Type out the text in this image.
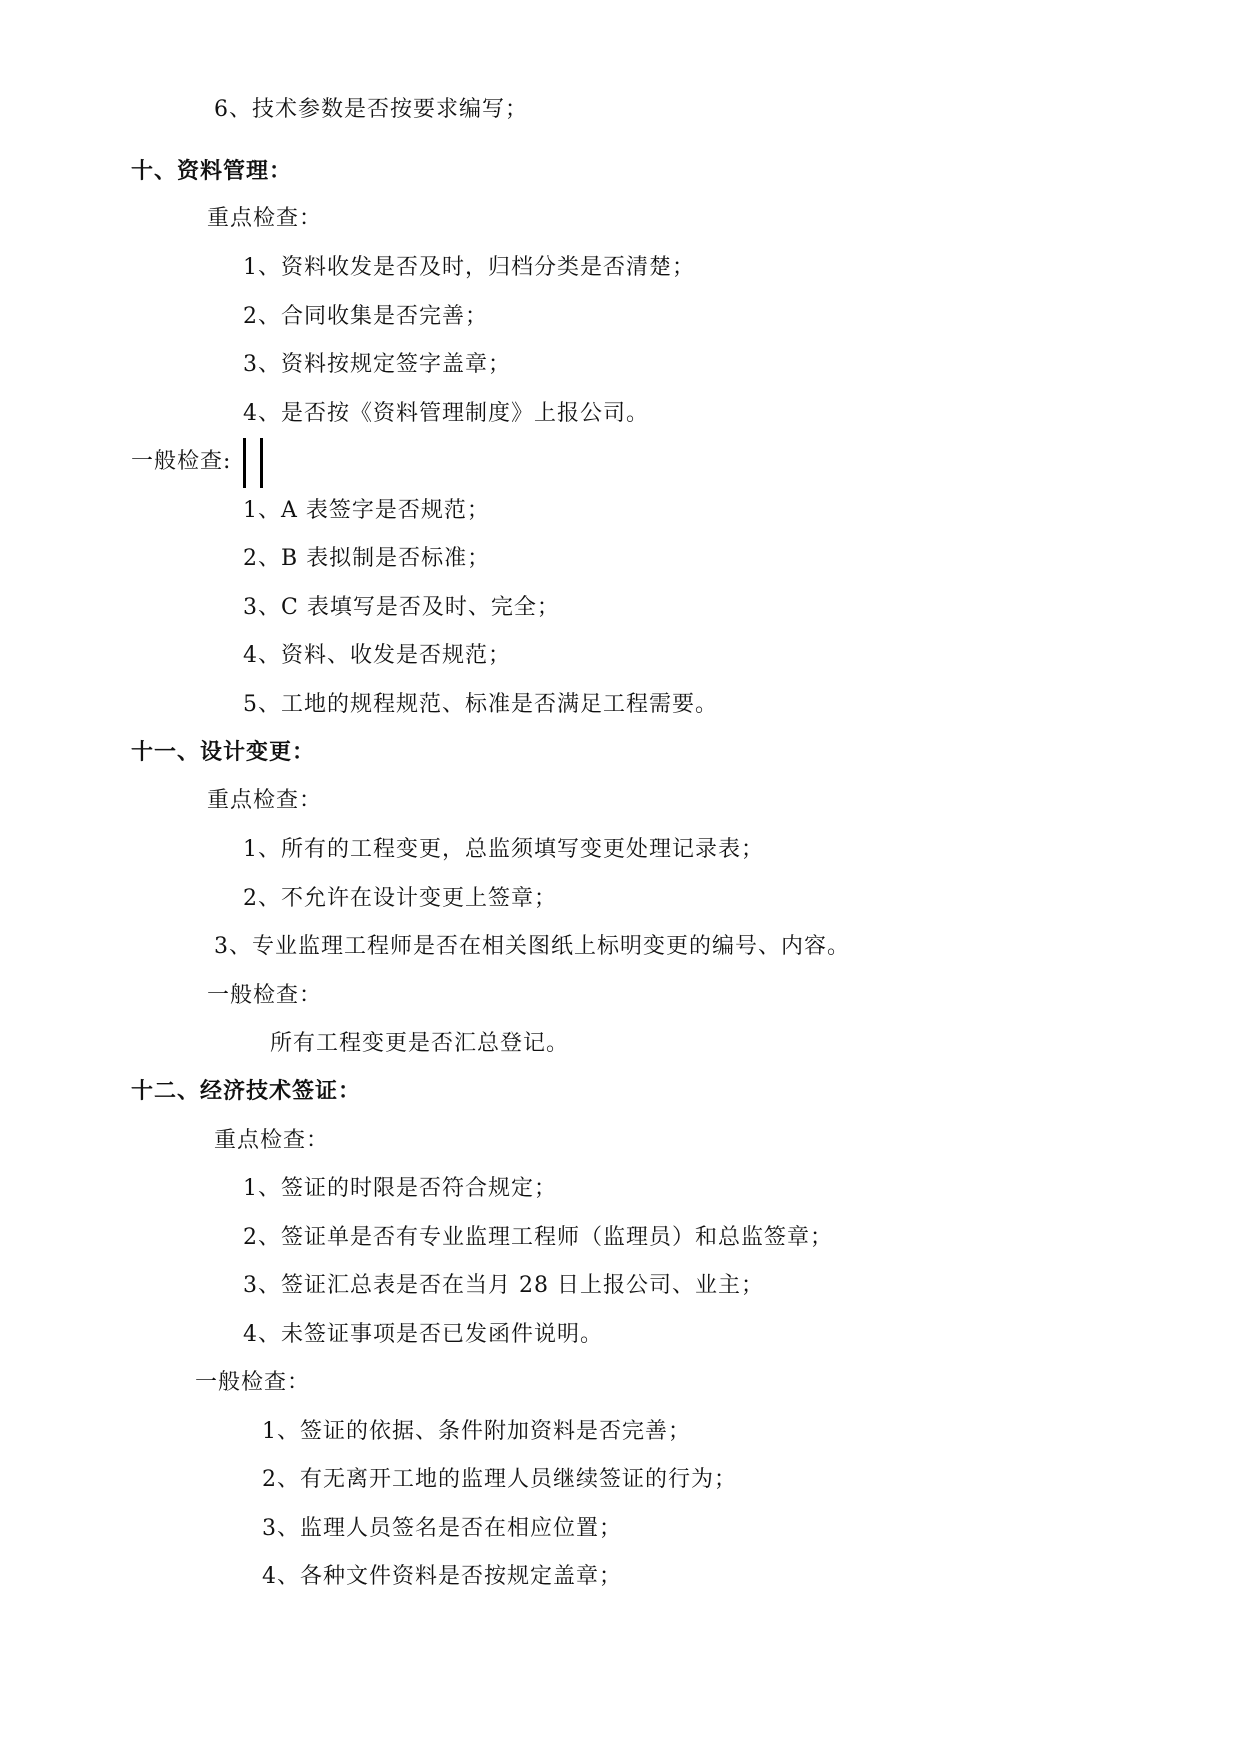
6、技术参数是否按要求编写；
十、资料管理：
重点检查：
1、资料收发是否及时，归档分类是否清楚；
2、合同收集是否完善；
3、资料按规定签字盖章；
4、是否按《资料管理制度》上报公司。
一般检查:
1、A 表签字是否规范；
2、B 表拟制是否标准；
3、C 表填写是否及时、完全；
4、资料、收发是否规范；
5、工地的规程规范、标准是否满足工程需要。
十一、设计变更：
重点检查：
1、所有的工程变更，总监须填写变更处理记录表；
2、不允许在设计变更上签章；
3、专业监理工程师是否在相关图纸上标明变更的编号、内容。
一般检查：
所有工程变更是否汇总登记。
十二、经济技术签证：
重点检查：
1、签证的时限是否符合规定；
2、签证单是否有专业监理工程师（监理员）和总监签章；
3、签证汇总表是否在当月 28 日上报公司、业主；
4、未签证事项是否已发函件说明。
一般检查：
1、签证的依据、条件附加资料是否完善；
2、有无离开工地的监理人员继续签证的行为；
3、监理人员签名是否在相应位置；
4、各种文件资料是否按规定盖章；
